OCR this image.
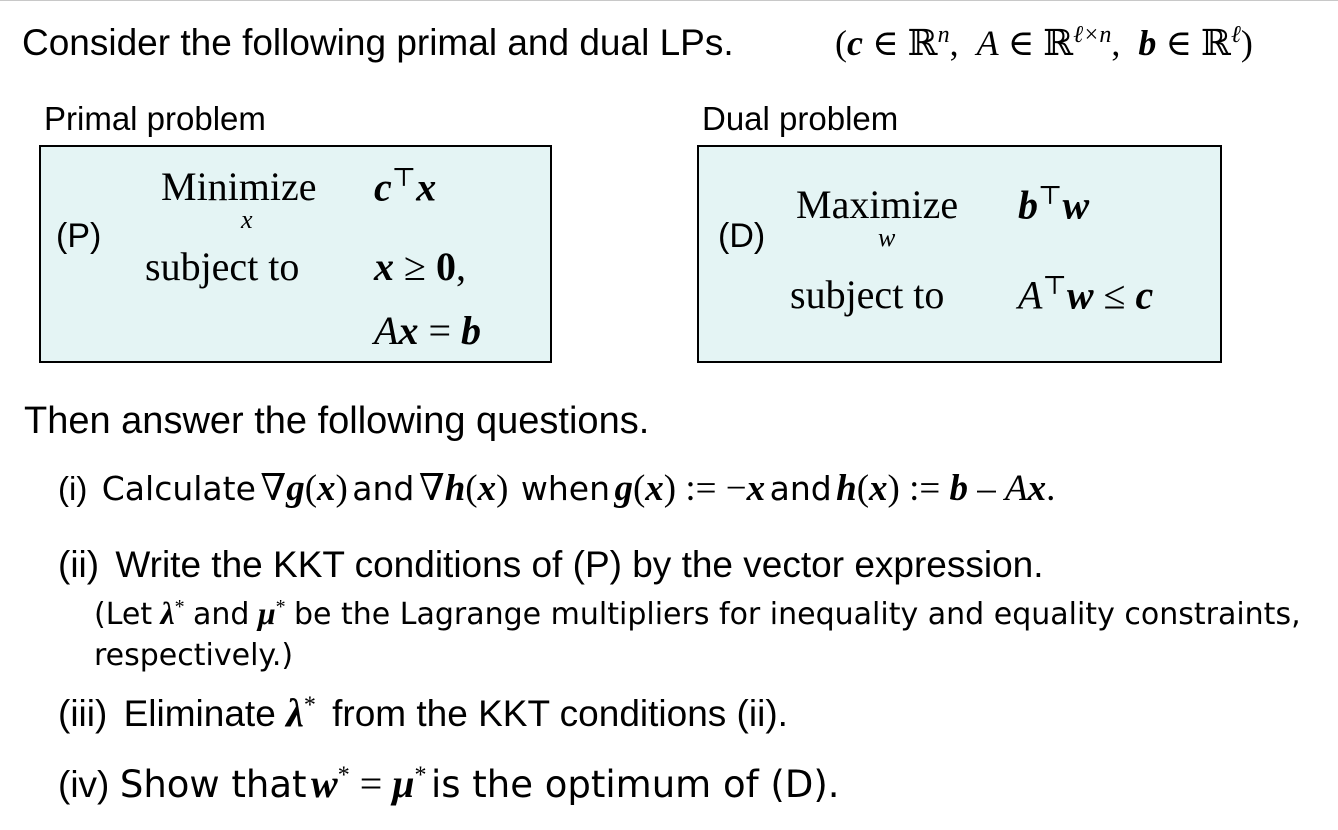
Consider the following primal and dual LPs.	(c ∈ ℝ$^n$, A ∈ ℝ$^{\ell\times n}$, b ∈ ℝ$^\ell$)
Primal problem	Dual problem
(P)
Minimize
x
c⊤x
subject to x ≥ 0,
Ax = b
(D)
Maximize
w
b⊤w
subject to A⊤w ≤ c
Then answer the following questions.
(i) Calculate ∇g(x) and ∇h(x) when g(x) := −x and h(x) := b – Ax.
(ii) Write the KKT conditions of (P) by the vector expression.
(Let λ* and μ* be the Lagrange multipliers for inequality and equality constraints,
respectively.)
(iii) Eliminate λ* from the KKT conditions (ii).
(iv) Show that w* = μ* is the optimum of (D).
